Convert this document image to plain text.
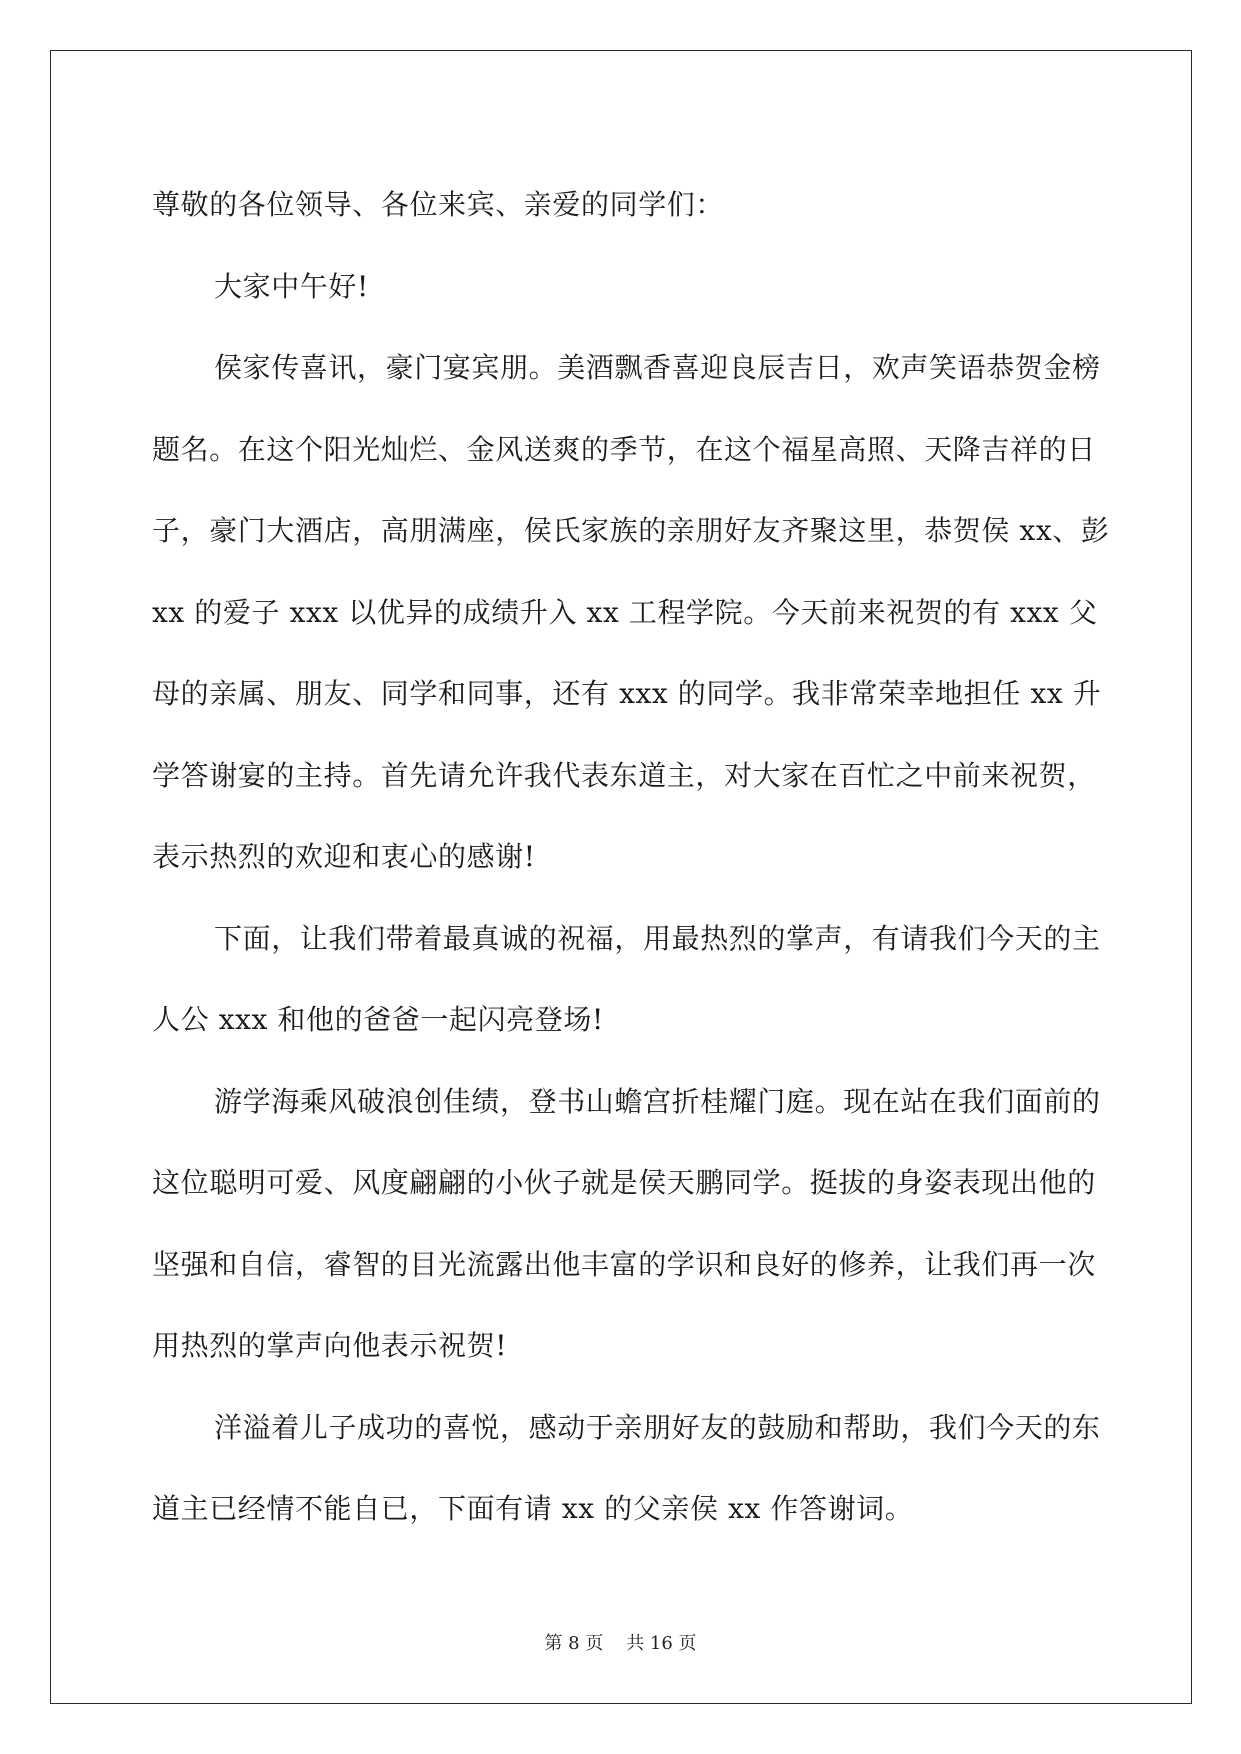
尊敬的各位领导、各位来宾、亲爱的同学们：

大家中午好!

侯家传喜讯，豪门宴宾朋。美酒飘香喜迎良辰吉日，欢声笑语恭贺金榜题名。在这个阳光灿烂、金风送爽的季节，在这个福星高照、天降吉祥的日子，豪门大酒店，高朋满座，侯氏家族的亲朋好友齐聚这里，恭贺侯 xx、彭 xx 的爱子 xxx 以优异的成绩升入 xx 工程学院。今天前来祝贺的有 xxx 父母的亲属、朋友、同学和同事，还有 xxx 的同学。我非常荣幸地担任 xx 升学答谢宴的主持。首先请允许我代表东道主，对大家在百忙之中前来祝贺，表示热烈的欢迎和衷心的感谢!

下面，让我们带着最真诚的祝福，用最热烈的掌声，有请我们今天的主人公 xxx 和他的爸爸一起闪亮登场!

游学海乘风破浪创佳绩，登书山蟾宫折桂耀门庭。现在站在我们面前的这位聪明可爱、风度翩翩的小伙子就是侯天鹏同学。挺拔的身姿表现出他的坚强和自信，睿智的目光流露出他丰富的学识和良好的修养，让我们再一次用热烈的掌声向他表示祝贺!

洋溢着儿子成功的喜悦，感动于亲朋好友的鼓励和帮助，我们今天的东道主已经情不能自已，下面有请 xx 的父亲侯 xx 作答谢词。

第 8 页    共 16 页
